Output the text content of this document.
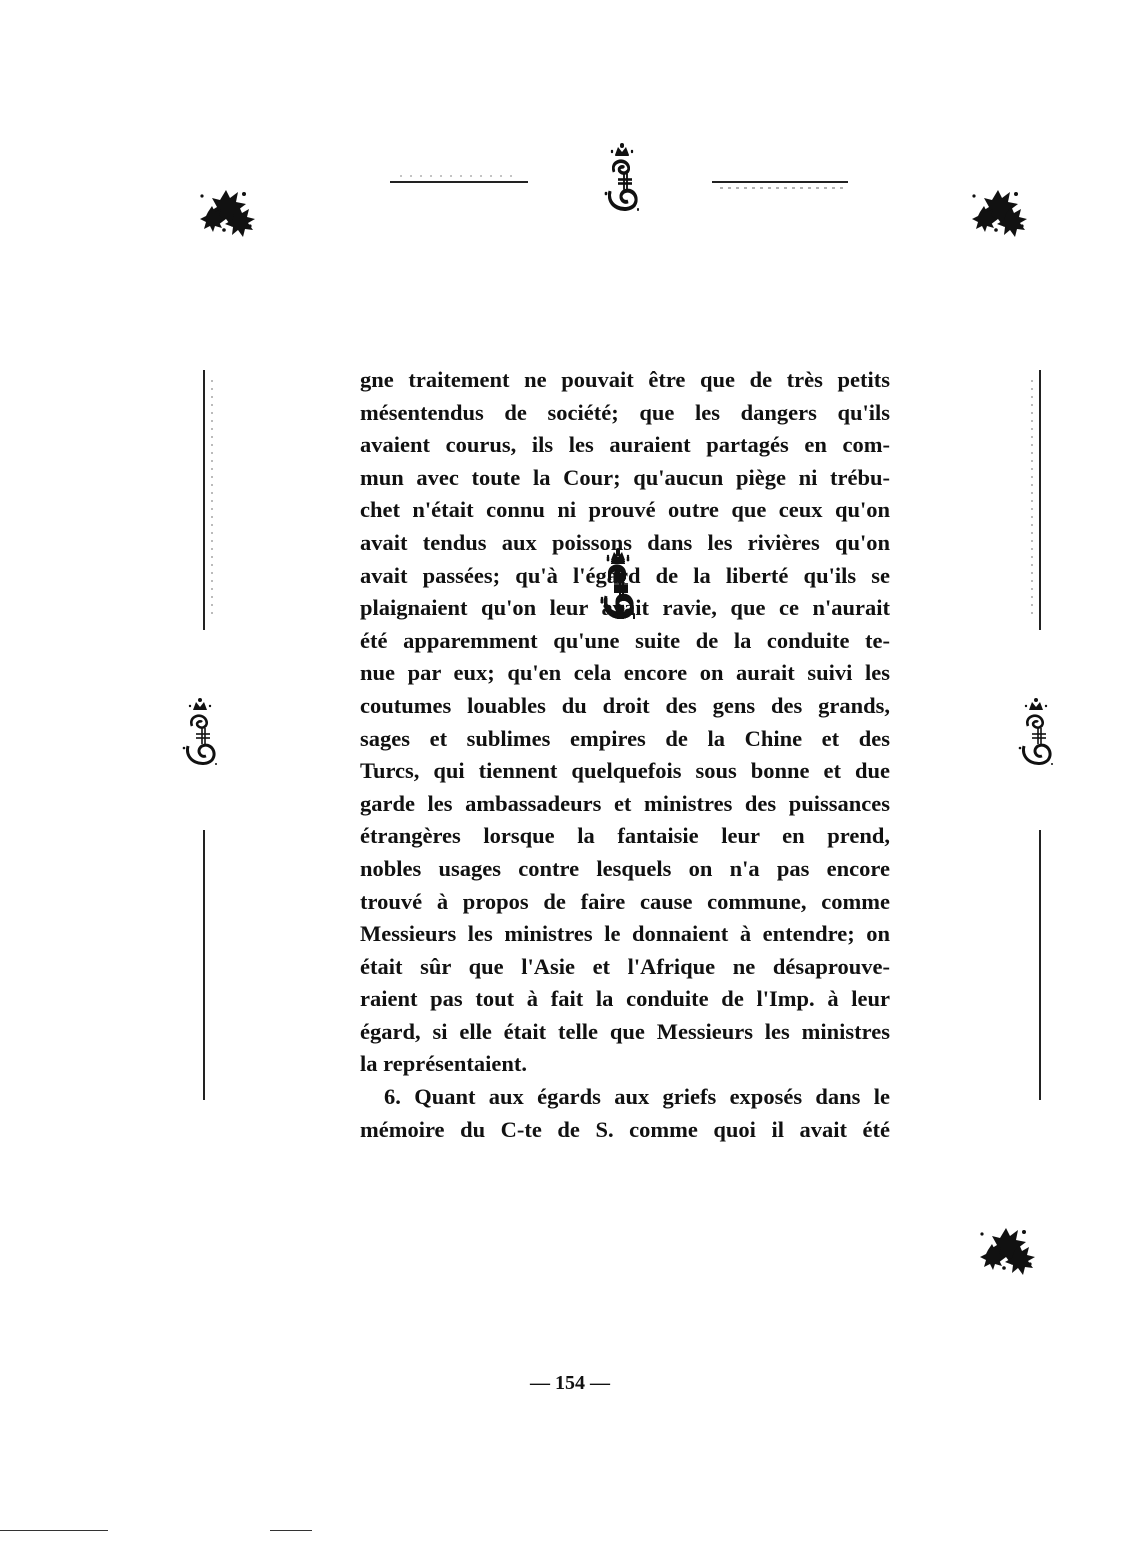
gne traitement ne pouvait être que de très petits
mésentendus de société; que les dangers qu'ils
avaient courus, ils les auraient partagés en com-
mun avec toute la Cour; qu'aucun piège ni trébu-
chet n'était connu ni prouvé outre que ceux qu'on
avait tendus aux poissons dans les rivières qu'on
avait passées; qu'à l'égard de la liberté qu'ils se
plaignaient qu'on leur avait ravie, que ce n'aurait
été apparemment qu'une suite de la conduite te-
nue par eux; qu'en cela encore on aurait suivi les
coutumes louables du droit des gens des grands,
sages et sublimes empires de la Chine et des
Turcs, qui tiennent quelquefois sous bonne et due
garde les ambassadeurs et ministres des puissances
étrangères lorsque la fantaisie leur en prend,
nobles usages contre lesquels on n'a pas encore
trouvé à propos de faire cause commune, comme
Messieurs les ministres le donnaient à entendre; on
était sûr que l'Asie et l'Afrique ne désaprouve-
raient pas tout à fait la conduite de l'Imp. à leur
égard, si elle était telle que Messieurs les ministres
la représentaient.
6. Quant aux égards aux griefs exposés dans le
mémoire du C-te de S. comme quoi il avait été
— 154 —
